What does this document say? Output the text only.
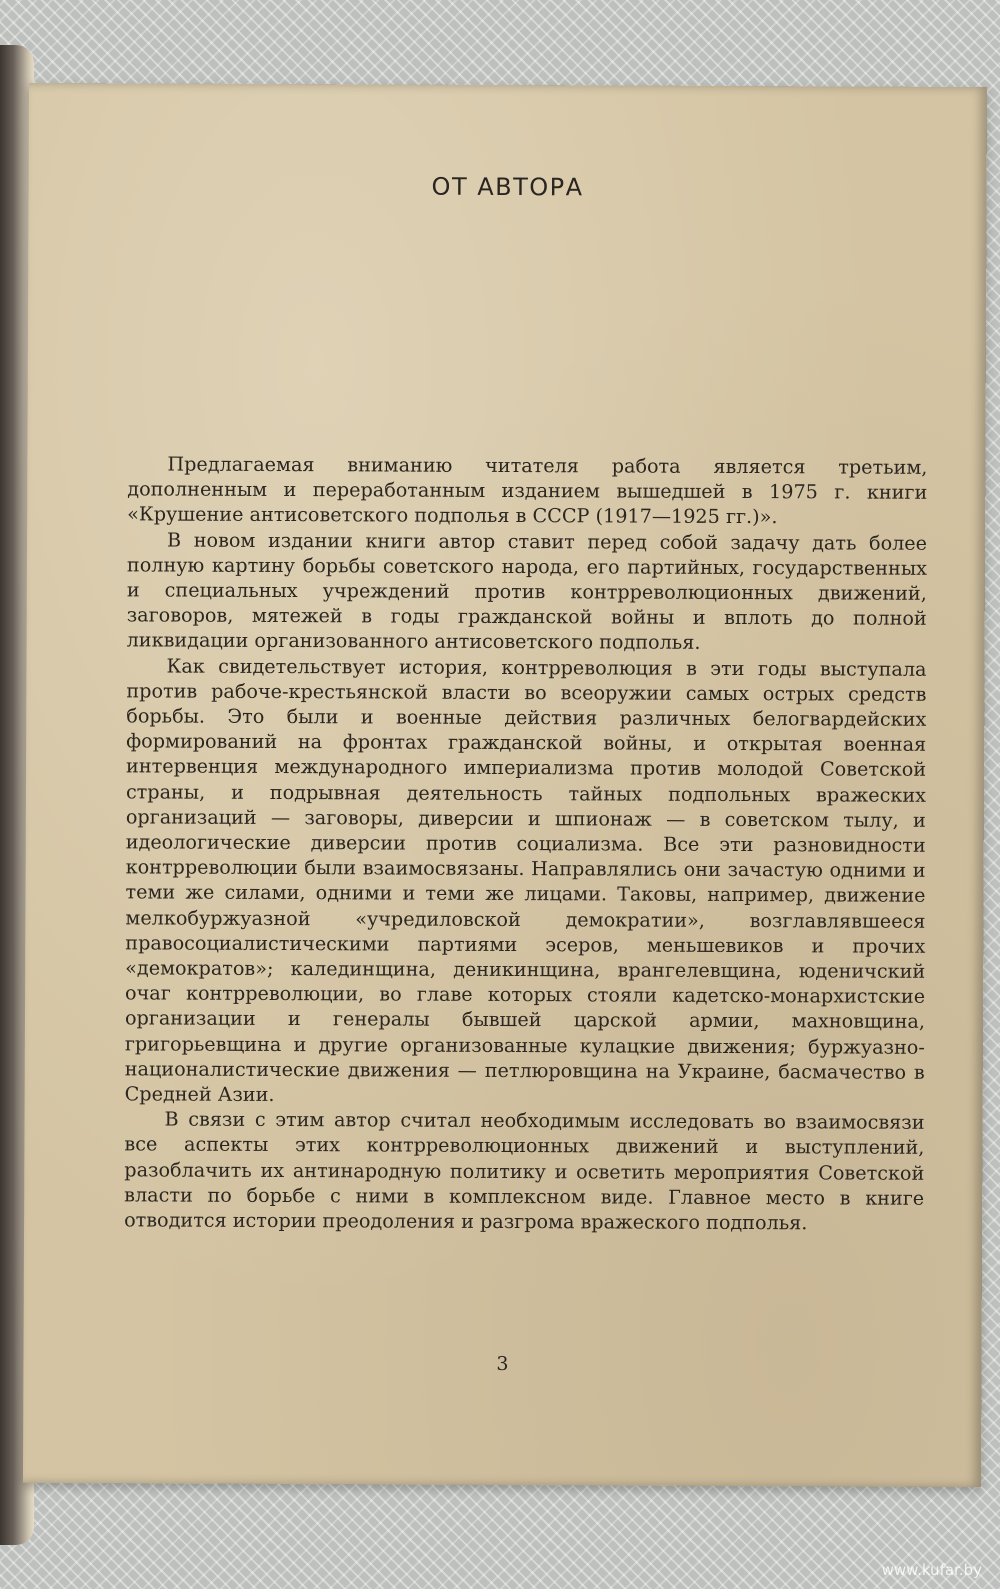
ОТ АВТОРА

Предлагаемая вниманию читателя работа является третьим, дополненным и переработанным изданием вышедшей в 1975 г. книги «Крушение антисоветского подполья в СССР (1917—1925 гг.)».

В новом издании книги автор ставит перед собой задачу дать более полную картину борьбы советского народа, его партийных, государственных и специальных учреждений против контрреволюционных движений, заговоров, мятежей в годы гражданской войны и вплоть до полной ликвидации организованного антисоветского подполья.

Как свидетельствует история, контрреволюция в эти годы выступала против рабоче-крестьянской власти во всеоружии самых острых средств борьбы. Это были и военные действия различных белогвардейских формирований на фронтах гражданской войны, и открытая военная интервенция международного империализма против молодой Советской страны, и подрывная деятельность тайных подпольных вражеских организаций — заговоры, диверсии и шпионаж — в советском тылу, и идеологические диверсии против социализма. Все эти разновидности контрреволюции были взаимосвязаны. Направлялись они зачастую одними и теми же силами, одними и теми же лицами. Таковы, например, движение мелкобуржуазной «учредиловской демократии», возглавлявшееся правосоциалистическими партиями эсеров, меньшевиков и прочих «демократов»; калединщина, деникинщина, врангелевщина, юденичский очаг контрреволюции, во главе которых стояли кадетско-монархистские организации и генералы бывшей царской армии, махновщина, григорьевщина и другие организованные кулацкие движения; буржуазно-националистические движения — петлюровщина на Украине, басмачество в Средней Азии.

В связи с этим автор считал необходимым исследовать во взаимосвязи все аспекты этих контрреволюционных движений и выступлений, разоблачить их антинародную политику и осветить мероприятия Советской власти по борьбе с ними в комплексном виде. Главное место в книге отводится истории преодоления и разгрома вражеского подполья.

3
www.kufar.by
